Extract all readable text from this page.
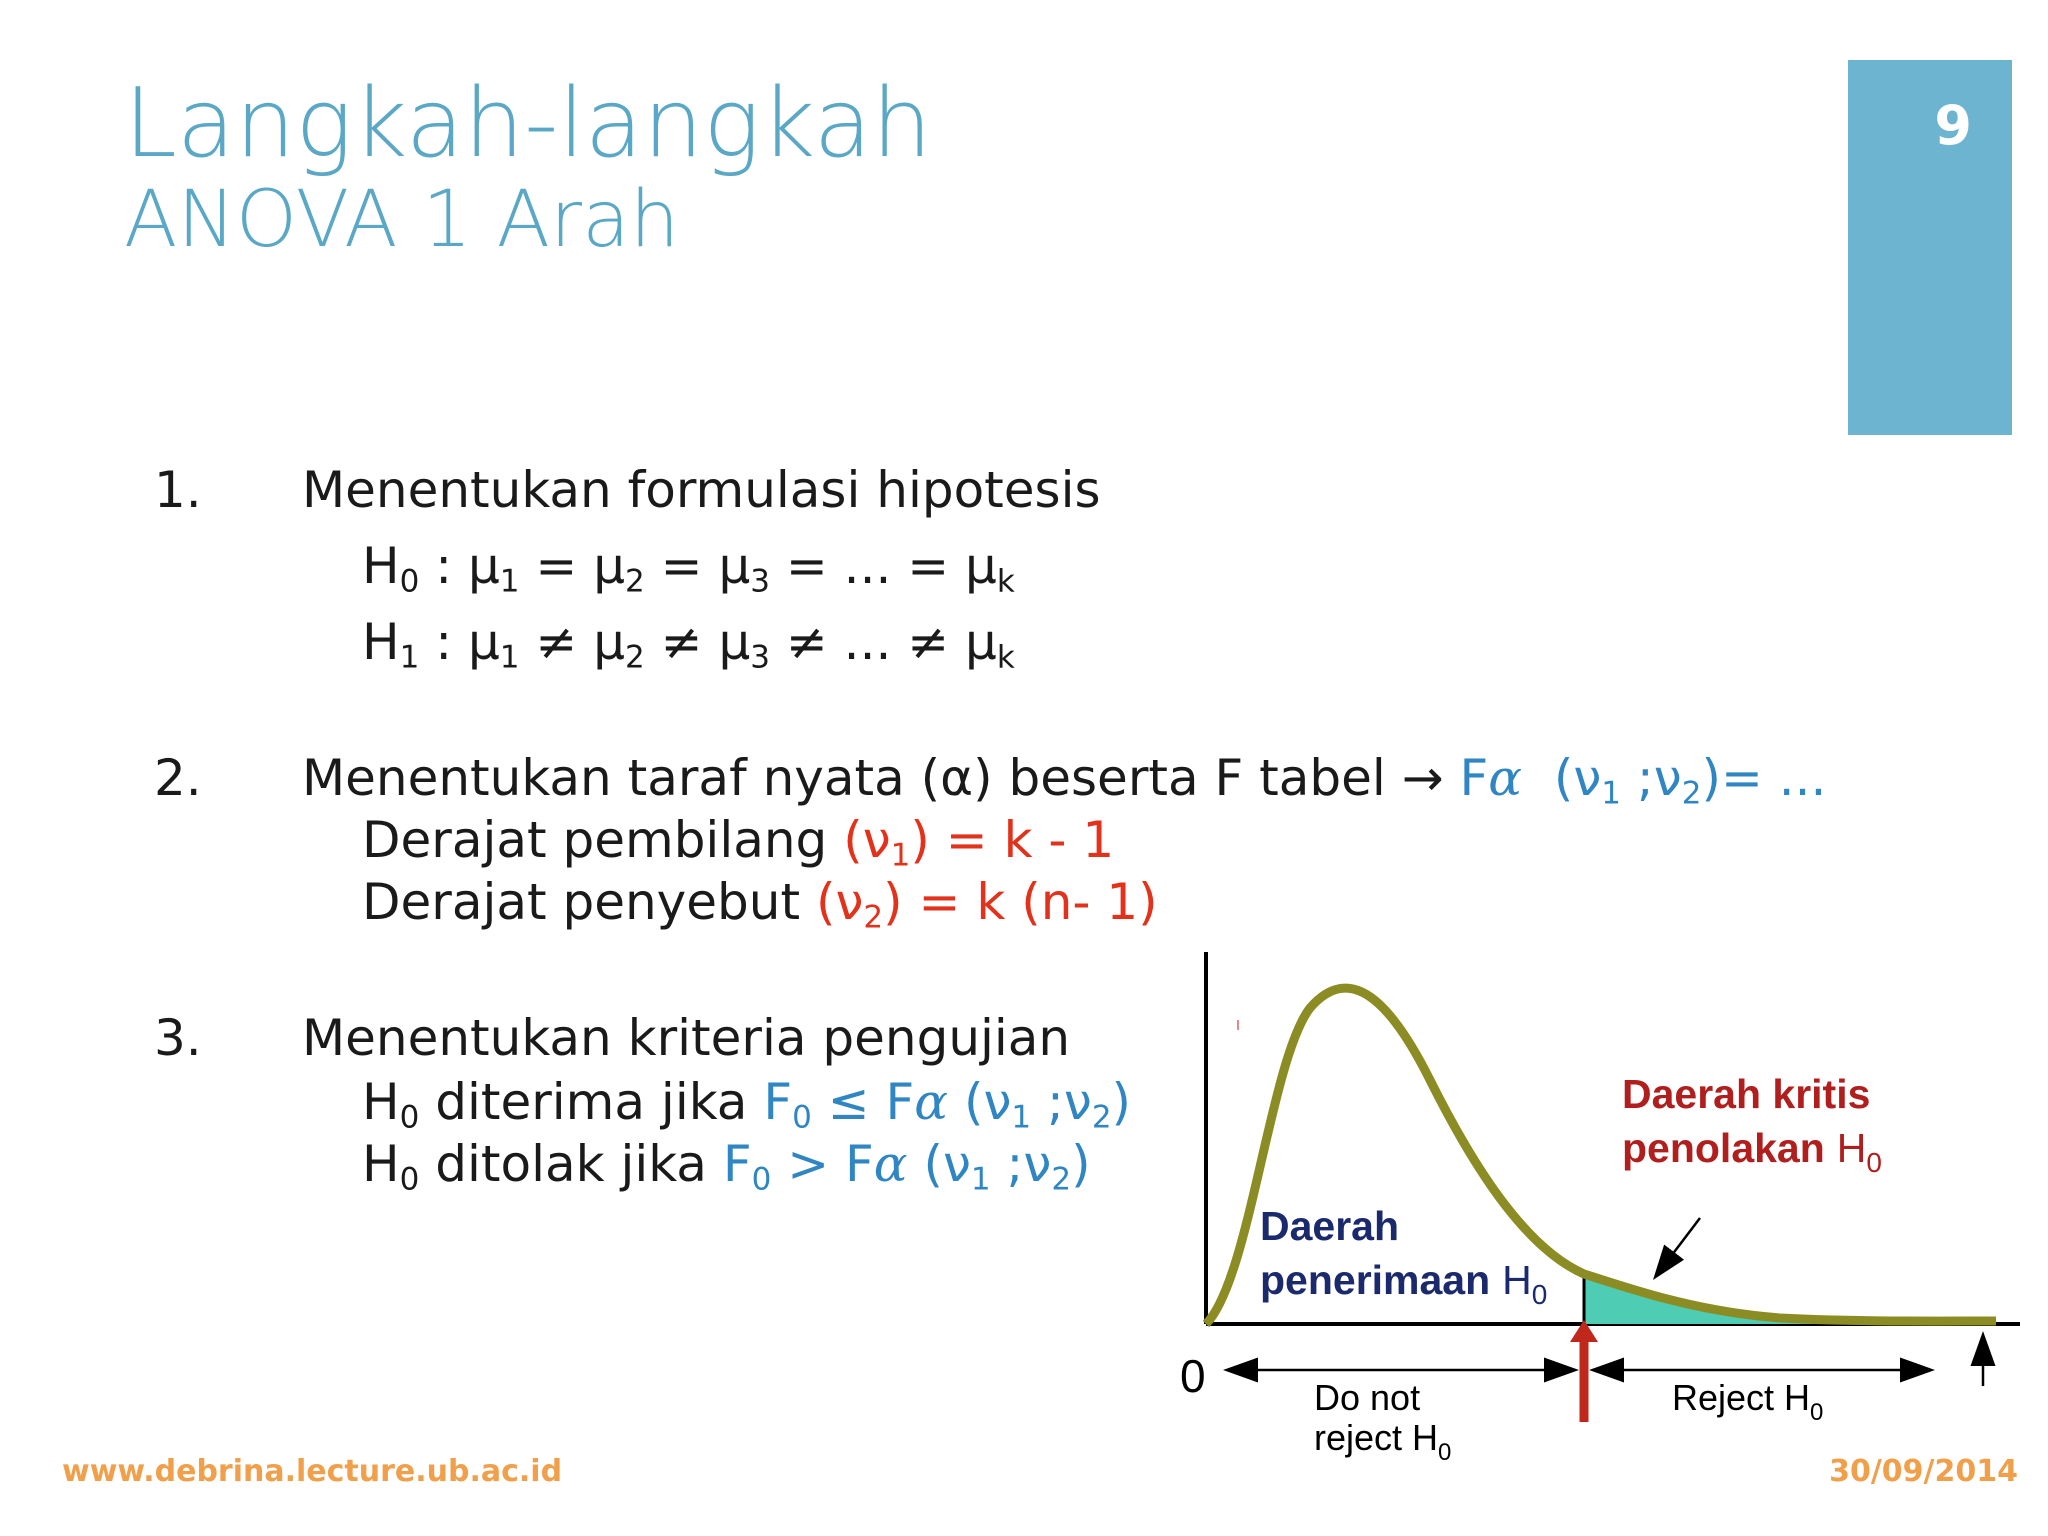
Langkah-langkah
ANOVA 1 Arah
9
1. Menentukan formulasi hipotesis
$H_0$ : $\mu_1 = \mu_2 = \mu_3$ = ... = $\mu_k$
$H_1$ : $\mu_1 \ne \mu_2 \ne \mu_3$ ≠ ... ≠ $\mu_k$
2. Menentukan taraf nyata (α) beserta F tabel → Fα  ($\nu_1$ $;\nu_2)=$ ...
Derajat pembilang $(\nu_1) = k - 1$
Derajat penyebut $(\nu_2) = k$ (n- 1)
3. Menentukan kriteria pengujian
$H_0$ diterima jika $F_0 \le F\alpha$ ($\nu_1$ $;\nu_2$)
$H_0$ ditolak jika $F_0 > F\alpha$ ($\nu_1$ $;\nu_2$)
0
Daerah
penerimaan $H_0$
Daerah kritis
penolakan $H_0$
Do not
reject $H_0$
Reject $H_0$
www.debrina.lecture.ub.ac.id	30/09/2014
